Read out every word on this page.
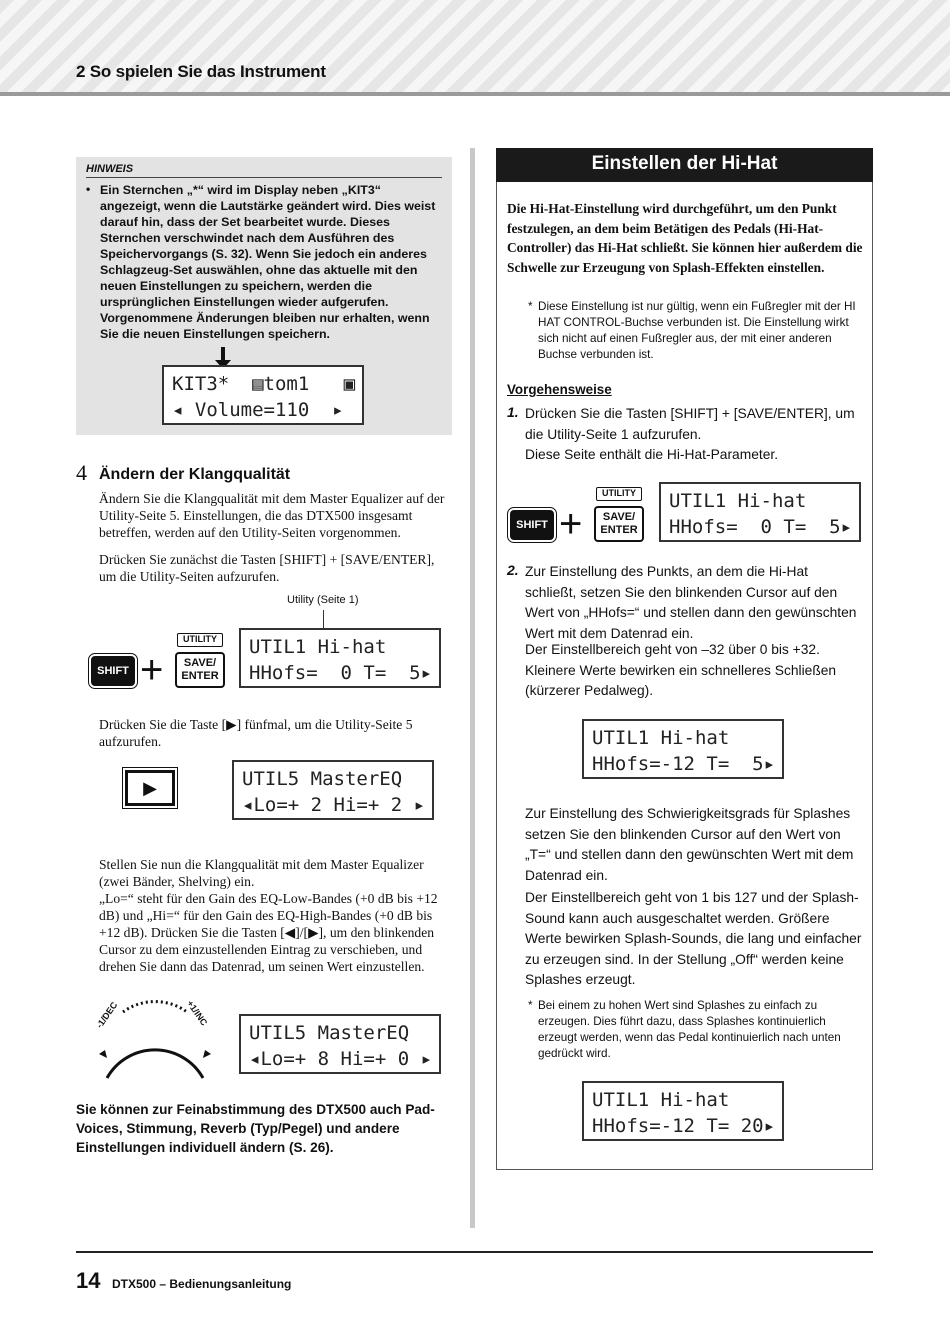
2 So spielen Sie das Instrument
HINWEIS
• Ein Sternchen „*“ wird im Display neben „KIT3“ angezeigt, wenn die Lautstärke geändert wird. Dies weist darauf hin, dass der Set bearbeitet wurde. Dieses Sternchen verschwindet nach dem Ausführen des Speichervorgangs (S. 32). Wenn Sie jedoch ein anderes Schlagzeug-Set auswählen, ohne das aktuelle mit den neuen Einstellungen zu speichern, werden die ursprünglichen Einstellungen wieder aufgerufen. Vorgenommene Änderungen bleiben nur erhalten, wenn Sie die neuen Einstellungen speichern.
KIT3*  ▤tom1   ▣
◂ Volume=110  ▸
4 Ändern der Klangqualität
Ändern Sie die Klangqualität mit dem Master Equalizer auf der Utility-Seite 5. Einstellungen, die das DTX500 insgesamt betreffen, werden auf den Utility-Seiten vorgenommen.
Drücken Sie zunächst die Tasten [SHIFT] + [SAVE/ENTER], um die Utility-Seiten aufzurufen.
Utility (Seite 1)
SHIFT +
UTILITY
SAVE/
ENTER
UTIL1 Hi-hat
HHofs=  0 T=  5▸
Drücken Sie die Taste [▶] fünfmal, um die Utility-Seite 5 aufzurufen.
▶	UTIL5 MasterEQ
◂Lo=+ 2 Hi=+ 2 ▸
Stellen Sie nun die Klangqualität mit dem Master Equalizer (zwei Bänder, Shelving) ein.
„Lo=“ steht für den Gain des EQ-Low-Bandes (+0 dB bis +12 dB) und „Hi=“ für den Gain des EQ-High-Bandes (+0 dB bis +12 dB). Drücken Sie die Tasten [◀]/[▶], um den blinkenden Cursor zu dem einzustellenden Eintrag zu verschieben, und drehen Sie dann das Datenrad, um seinen Wert einzustellen.
-1/DEC	+1/INC
UTIL5 MasterEQ
◂Lo=+ 8 Hi=+ 0 ▸
Sie können zur Feinabstimmung des DTX500 auch Pad-Voices, Stimmung, Reverb (Typ/Pegel) und andere Einstellungen individuell ändern (S. 26).
Einstellen der Hi-Hat
Die Hi-Hat-Einstellung wird durchgeführt, um den Punkt festzulegen, an dem beim Betätigen des Pedals (Hi-Hat-Controller) das Hi-Hat schließt. Sie können hier außerdem die Schwelle zur Erzeugung von Splash-Effekten einstellen.
* Diese Einstellung ist nur gültig, wenn ein Fußregler mit der HI HAT CONTROL-Buchse verbunden ist. Die Einstellung wirkt sich nicht auf einen Fußregler aus, der mit einer anderen Buchse verbunden ist.
Vorgehensweise
1. Drücken Sie die Tasten [SHIFT] + [SAVE/ENTER], um die Utility-Seite 1 aufzurufen.
Diese Seite enthält die Hi-Hat-Parameter.
SHIFT +
UTILITY
SAVE/
ENTER
UTIL1 Hi-hat
HHofs=  0 T=  5▸
2. Zur Einstellung des Punkts, an dem die Hi-Hat schließt, setzen Sie den blinkenden Cursor auf den Wert von „HHofs=“ und stellen dann den gewünschten Wert mit dem Datenrad ein.
Der Einstellbereich geht von –32 über 0 bis +32. Kleinere Werte bewirken ein schnelleres Schließen (kürzerer Pedalweg).
UTIL1 Hi-hat
HHofs=-12 T=  5▸
Zur Einstellung des Schwierigkeitsgrads für Splashes setzen Sie den blinkenden Cursor auf den Wert von „T=“ und stellen dann den gewünschten Wert mit dem Datenrad ein.
Der Einstellbereich geht von 1 bis 127 und der Splash-Sound kann auch ausgeschaltet werden. Größere Werte bewirken Splash-Sounds, die lang und einfacher zu erzeugen sind. In der Stellung „Off“ werden keine Splashes erzeugt.
* Bei einem zu hohen Wert sind Splashes zu einfach zu erzeugen. Dies führt dazu, dass Splashes kontinuierlich erzeugt werden, wenn das Pedal kontinuierlich nach unten gedrückt wird.
UTIL1 Hi-hat
HHofs=-12 T= 20▸
14 DTX500 – Bedienungsanleitung
